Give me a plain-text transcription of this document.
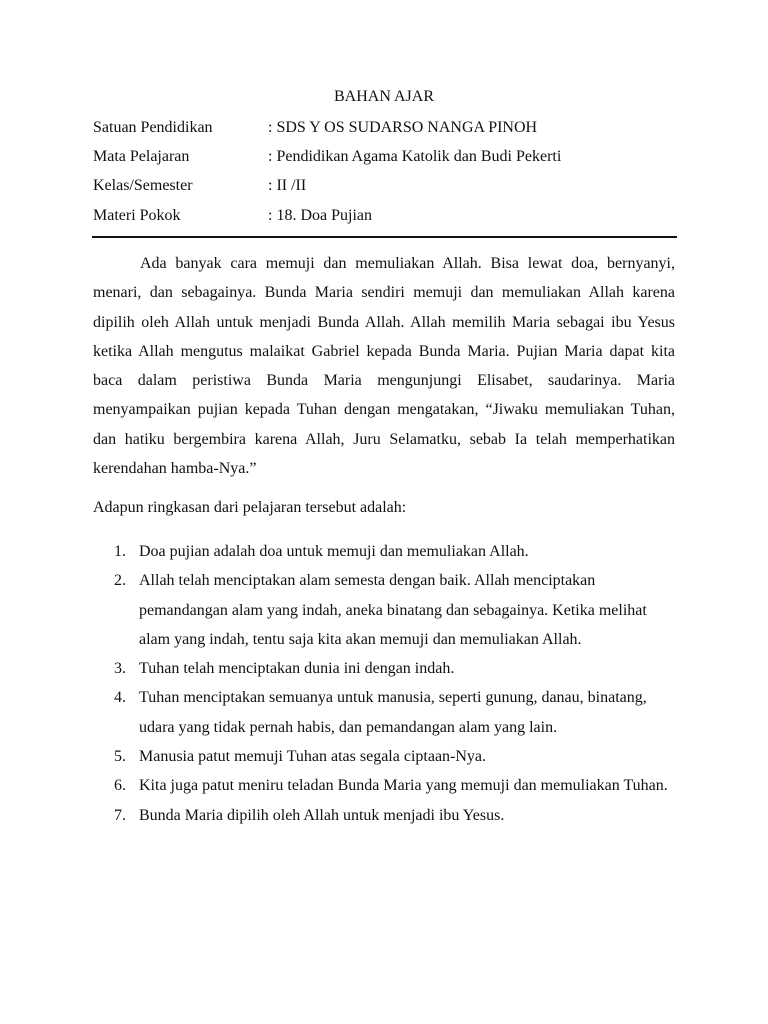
BAHAN AJAR
Satuan Pendidikan	: SDS Y OS SUDARSO NANGA PINOH
Mata Pelajaran	: Pendidikan Agama Katolik dan Budi Pekerti
Kelas/Semester	: II /II
Materi Pokok	: 18. Doa Pujian

Ada banyak cara memuji dan memuliakan Allah. Bisa lewat doa, bernyanyi, menari, dan sebagainya. Bunda Maria sendiri memuji dan memuliakan Allah karena dipilih oleh Allah untuk menjadi Bunda Allah. Allah memilih Maria sebagai ibu Yesus ketika Allah mengutus malaikat Gabriel kepada Bunda Maria. Pujian Maria dapat kita baca dalam peristiwa Bunda Maria mengunjungi Elisabet, saudarinya. Maria menyampaikan pujian kepada Tuhan dengan mengatakan, “Jiwaku memuliakan Tuhan, dan hatiku bergembira karena Allah, Juru Selamatku, sebab Ia telah memperhatikan kerendahan hamba-Nya.”

Adapun ringkasan dari pelajaran tersebut adalah:
1. Doa pujian adalah doa untuk memuji dan memuliakan Allah.
2. Allah telah menciptakan alam semesta dengan baik. Allah menciptakan pemandangan alam yang indah, aneka binatang dan sebagainya. Ketika melihat alam yang indah, tentu saja kita akan memuji dan memuliakan Allah.
3. Tuhan telah menciptakan dunia ini dengan indah.
4. Tuhan menciptakan semuanya untuk manusia, seperti gunung, danau, binatang, udara yang tidak pernah habis, dan pemandangan alam yang lain.
5. Manusia patut memuji Tuhan atas segala ciptaan-Nya.
6. Kita juga patut meniru teladan Bunda Maria yang memuji dan memuliakan Tuhan.
7. Bunda Maria dipilih oleh Allah untuk menjadi ibu Yesus.
